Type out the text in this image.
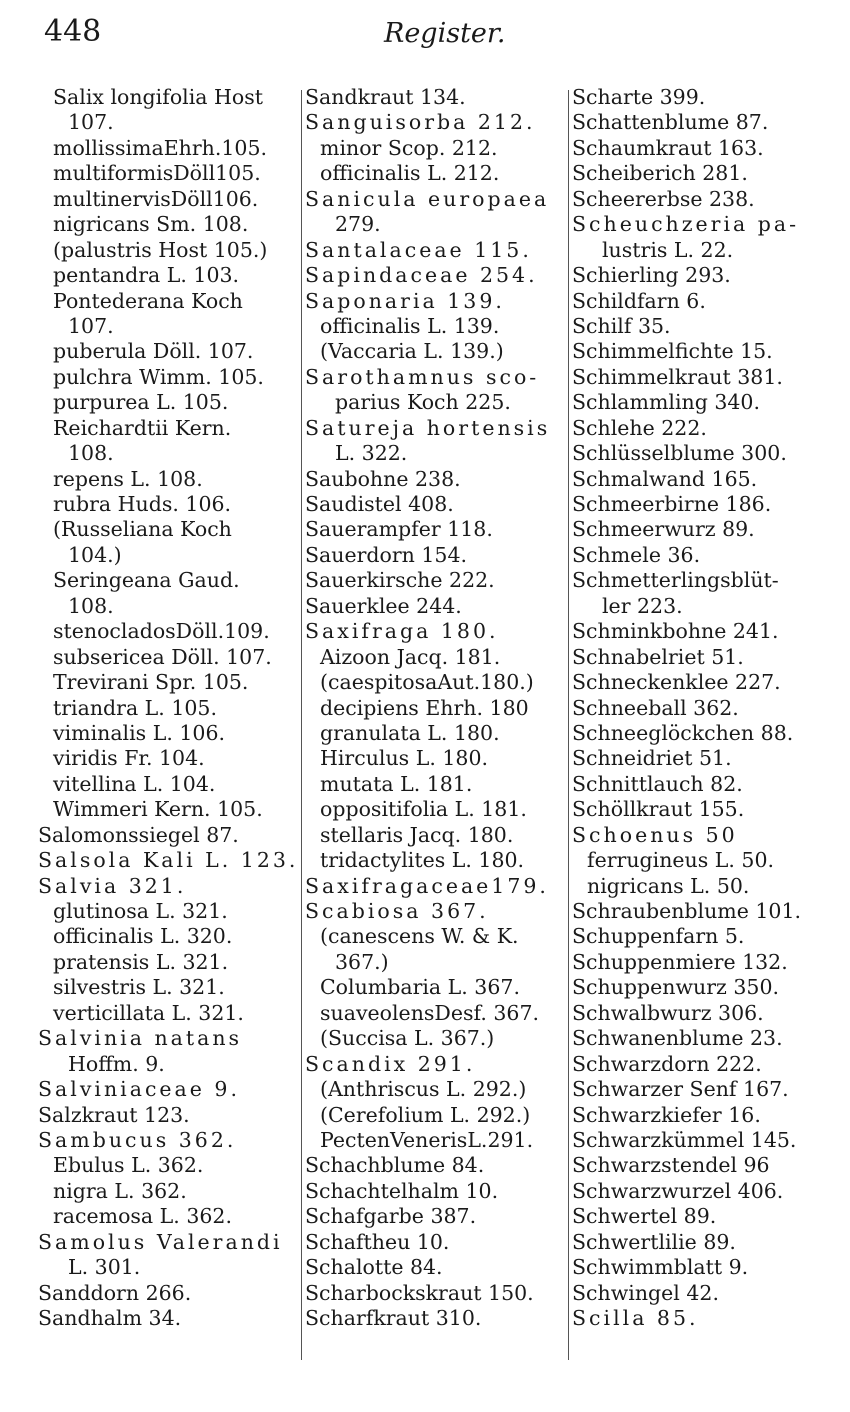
448	Register.
Salix longifolia Host
107.
mollissimaEhrh.105.
multiformisDöll105.
multinervisDöll106.
nigricans Sm. 108.
(palustris Host 105.)
pentandra L. 103.
Pontederana Koch
107.
puberula Döll. 107.
pulchra Wimm. 105.
purpurea L. 105.
Reichardtii Kern.
108.
repens L. 108.
rubra Huds. 106.
(Russeliana Koch
104.)
Seringeana Gaud.
108.
stenocladosDöll.109.
subsericea Döll. 107.
Trevirani Spr. 105.
triandra L. 105.
viminalis L. 106.
viridis Fr. 104.
vitellina L. 104.
Wimmeri Kern. 105.
Salomonssiegel 87.
Salsola Kali L. 123.
Salvia 321.
glutinosa L. 321.
officinalis L. 320.
pratensis L. 321.
silvestris L. 321.
verticillata L. 321.
Salvinia natans
Hoffm. 9.
Salviniaceae 9.
Salzkraut 123.
Sambucus 362.
Ebulus L. 362.
nigra L. 362.
racemosa L. 362.
Samolus Valerandi
L. 301.
Sanddorn 266.
Sandhalm 34.
Sandkraut 134.
Sanguisorba 212.
minor Scop. 212.
officinalis L. 212.
Sanicula europaea
279.
Santalaceae 115.
Sapindaceae 254.
Saponaria 139.
officinalis L. 139.
(Vaccaria L. 139.)
Sarothamnus sco-
parius Koch 225.
Satureja hortensis
L. 322.
Saubohne 238.
Saudistel 408.
Sauerampfer 118.
Sauerdorn 154.
Sauerkirsche 222.
Sauerklee 244.
Saxifraga 180.
Aizoon Jacq. 181.
(caespitosaAut.180.)
decipiens Ehrh. 180
granulata L. 180.
Hirculus L. 180.
mutata L. 181.
oppositifolia L. 181.
stellaris Jacq. 180.
tridactylites L. 180.
Saxifragaceae179.
Scabiosa 367.
(canescens W. & K.
367.)
Columbaria L. 367.
suaveolensDesf. 367.
(Succisa L. 367.)
Scandix 291.
(Anthriscus L. 292.)
(Cerefolium L. 292.)
PectenVenerisL.291.
Schachblume 84.
Schachtelhalm 10.
Schafgarbe 387.
Schaftheu 10.
Schalotte 84.
Scharbockskraut 150.
Scharfkraut 310.
Scharte 399.
Schattenblume 87.
Schaumkraut 163.
Scheiberich 281.
Scheererbse 238.
Scheuchzeria pa-
lustris L. 22.
Schierling 293.
Schildfarn 6.
Schilf 35.
Schimmelfichte 15.
Schimmelkraut 381.
Schlammling 340.
Schlehe 222.
Schlüsselblume 300.
Schmalwand 165.
Schmeerbirne 186.
Schmeerwurz 89.
Schmele 36.
Schmetterlingsblüt-
ler 223.
Schminkbohne 241.
Schnabelriet 51.
Schneckenklee 227.
Schneeball 362.
Schneeglöckchen 88.
Schneidriet 51.
Schnittlauch 82.
Schöllkraut 155.
Schoenus 50
ferrugineus L. 50.
nigricans L. 50.
Schraubenblume 101.
Schuppenfarn 5.
Schuppenmiere 132.
Schuppenwurz 350.
Schwalbwurz 306.
Schwanenblume 23.
Schwarzdorn 222.
Schwarzer Senf 167.
Schwarzkiefer 16.
Schwarzkümmel 145.
Schwarzstendel 96
Schwarzwurzel 406.
Schwertel 89.
Schwertlilie 89.
Schwimmblatt 9.
Schwingel 42.
Scilla 85.
